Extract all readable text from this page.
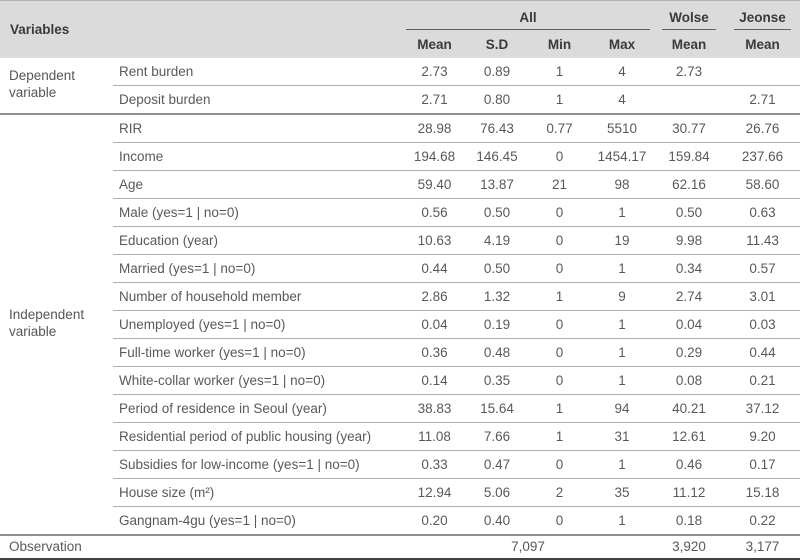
Variables		All				Wolse	Jeonse

		Mean	S.D	Min	Max	Mean	Mean
Dependent variable	Rent burden	2.73	0.89	1	4	2.73	
	Deposit burden	2.71	0.80	1	4		2.71
Independent variable	RIR	28.98	76.43	0.77	5510	30.77	26.76
	Income	194.68	146.45	0	1454.17	159.84	237.66
	Age	59.40	13.87	21	98	62.16	58.60
	Male (yes=1 | no=0)	0.56	0.50	0	1	0.50	0.63
	Education (year)	10.63	4.19	0	19	9.98	11.43
	Married (yes=1 | no=0)	0.44	0.50	0	1	0.34	0.57
	Number of household member	2.86	1.32	1	9	2.74	3.01
	Unemployed (yes=1 | no=0)	0.04	0.19	0	1	0.04	0.03
	Full-time worker (yes=1 | no=0)	0.36	0.48	0	1	0.29	0.44
	White-collar worker (yes=1 | no=0)	0.14	0.35	0	1	0.08	0.21
	Period of residence in Seoul (year)	38.83	15.64	1	94	40.21	37.12
	Residential period of public housing (year)	11.08	7.66	1	31	12.61	9.20
	Subsidies for low-income (yes=1 | no=0)	0.33	0.47	0	1	0.46	0.17
	House size (m²)	12.94	5.06	2	35	11.12	15.18
	Gangnam-4gu (yes=1 | no=0)	0.20	0.40	0	1	0.18	0.22
Observation		7,097				3,920	3,177
